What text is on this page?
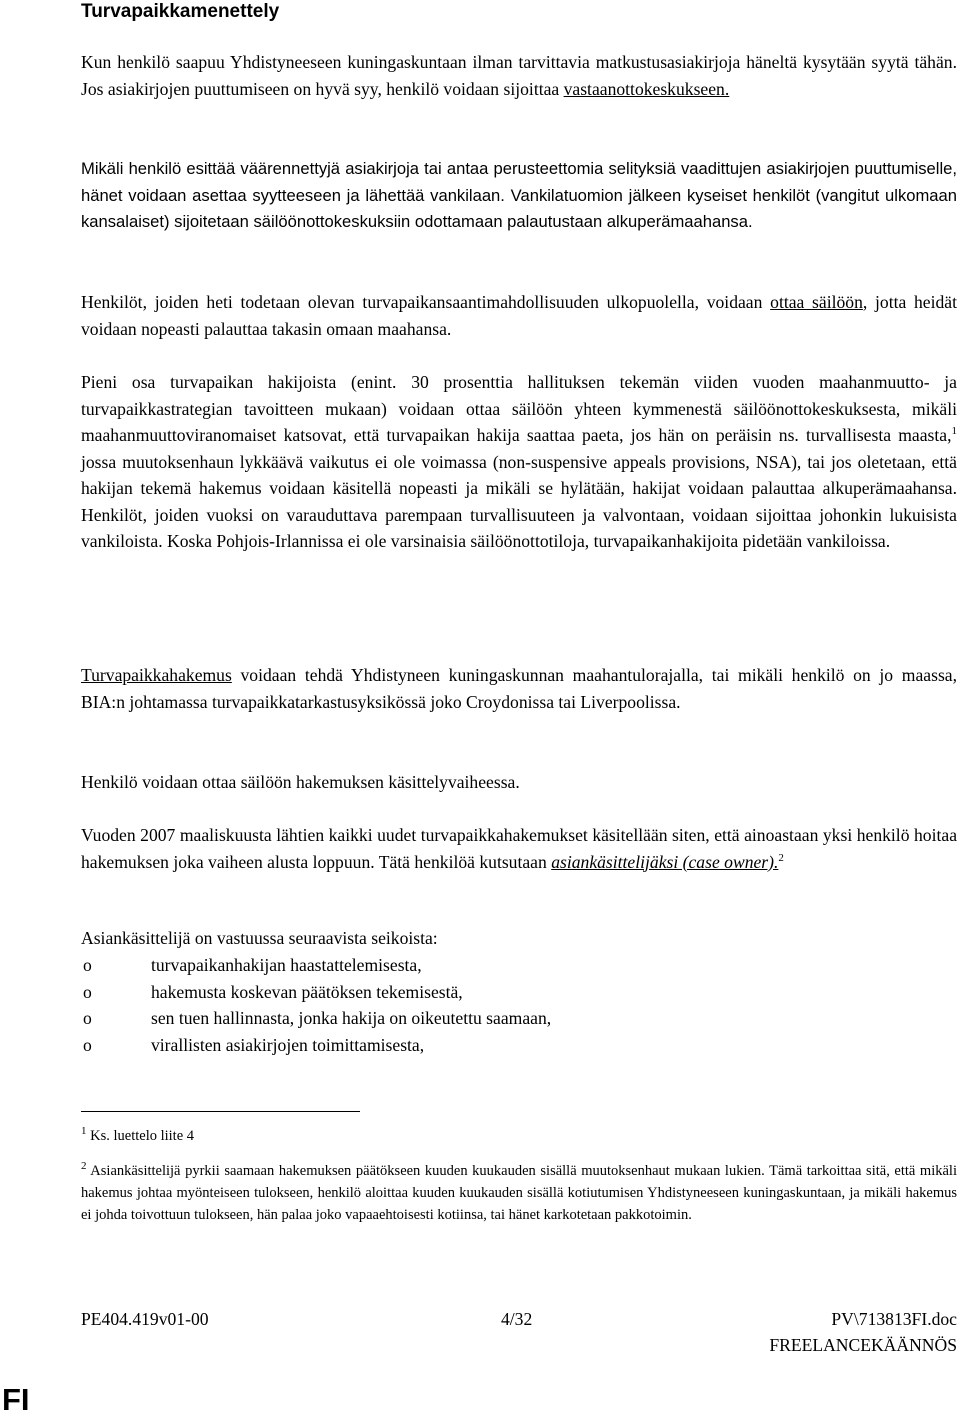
Turvapaikkamenettely

Kun henkilö saapuu Yhdistyneeseen kuningaskuntaan ilman tarvittavia matkustusasiakirjoja häneltä kysytään syytä tähän. Jos asiakirjojen puuttumiseen on hyvä syy, henkilö voidaan sijoittaa vastaanottokeskukseen.

Mikäli henkilö esittää väärennettyjä asiakirjoja tai antaa perusteettomia selityksiä vaadittujen asiakirjojen puuttumiselle, hänet voidaan asettaa syytteeseen ja lähettää vankilaan. Vankilatuomion jälkeen kyseiset henkilöt (vangitut ulkomaan kansalaiset) sijoitetaan säilöönottokeskuksiin odottamaan palautustaan alkuperämaahansa.

Henkilöt, joiden heti todetaan olevan turvapaikansaantimahdollisuuden ulkopuolella, voidaan ottaa säilöön, jotta heidät voidaan nopeasti palauttaa takasin omaan maahansa.

Pieni osa turvapaikan hakijoista (enint. 30 prosenttia hallituksen tekemän viiden vuoden maahanmuutto- ja turvapaikkastrategian tavoitteen mukaan) voidaan ottaa säilöön yhteen kymmenestä säilöönottokeskuksesta, mikäli maahanmuuttoviranomaiset katsovat, että turvapaikan hakija saattaa paeta, jos hän on peräisin ns. turvallisesta maasta,$^1$ jossa muutoksenhaun lykkäävä vaikutus ei ole voimassa (non-suspensive appeals provisions, NSA), tai jos oletetaan, että hakijan tekemä hakemus voidaan käsitellä nopeasti ja mikäli se hylätään, hakijat voidaan palauttaa alkuperämaahansa. Henkilöt, joiden vuoksi on varauduttava parempaan turvallisuuteen ja valvontaan, voidaan sijoittaa johonkin lukuisista vankiloista. Koska Pohjois-Irlannissa ei ole varsinaisia säilöönottotiloja, turvapaikanhakijoita pidetään vankiloissa.

Turvapaikkahakemus voidaan tehdä Yhdistyneen kuningaskunnan maahantulorajalla, tai mikäli henkilö on jo maassa, BIA:n johtamassa turvapaikkatarkastusyksikössä joko Croydonissa tai Liverpoolissa.

Henkilö voidaan ottaa säilöön hakemuksen käsittelyvaiheessa.

Vuoden 2007 maaliskuusta lähtien kaikki uudet turvapaikkahakemukset käsitellään siten, että ainoastaan yksi henkilö hoitaa hakemuksen joka vaiheen alusta loppuun. Tätä henkilöä kutsutaan asiankäsittelijäksi (case owner).$^2$

Asiankäsittelijä on vastuussa seuraavista seikoista:

o	turvapaikanhakijan haastattelemisesta,
o	hakemusta koskevan päätöksen tekemisestä,
o	sen tuen hallinnasta, jonka hakija on oikeutettu saamaan,
o	virallisten asiakirjojen toimittamisesta,

$^1$ Ks. luettelo liite 4

$^2$ Asiankäsittelijä pyrkii saamaan hakemuksen päätökseen kuuden kuukauden sisällä muutoksenhaut mukaan lukien. Tämä tarkoittaa sitä, että mikäli hakemus johtaa myönteiseen tulokseen, henkilö aloittaa kuuden kuukauden sisällä kotiutumisen Yhdistyneeseen kuningaskuntaan, ja mikäli hakemus ei johda toivottuun tulokseen, hän palaa joko vapaaehtoisesti kotiinsa, tai hänet karkotetaan pakkotoimin.

PE404.419v01-00	4/32	PV\713813FI.doc
FREELANCEKÄÄNNÖS
FI
